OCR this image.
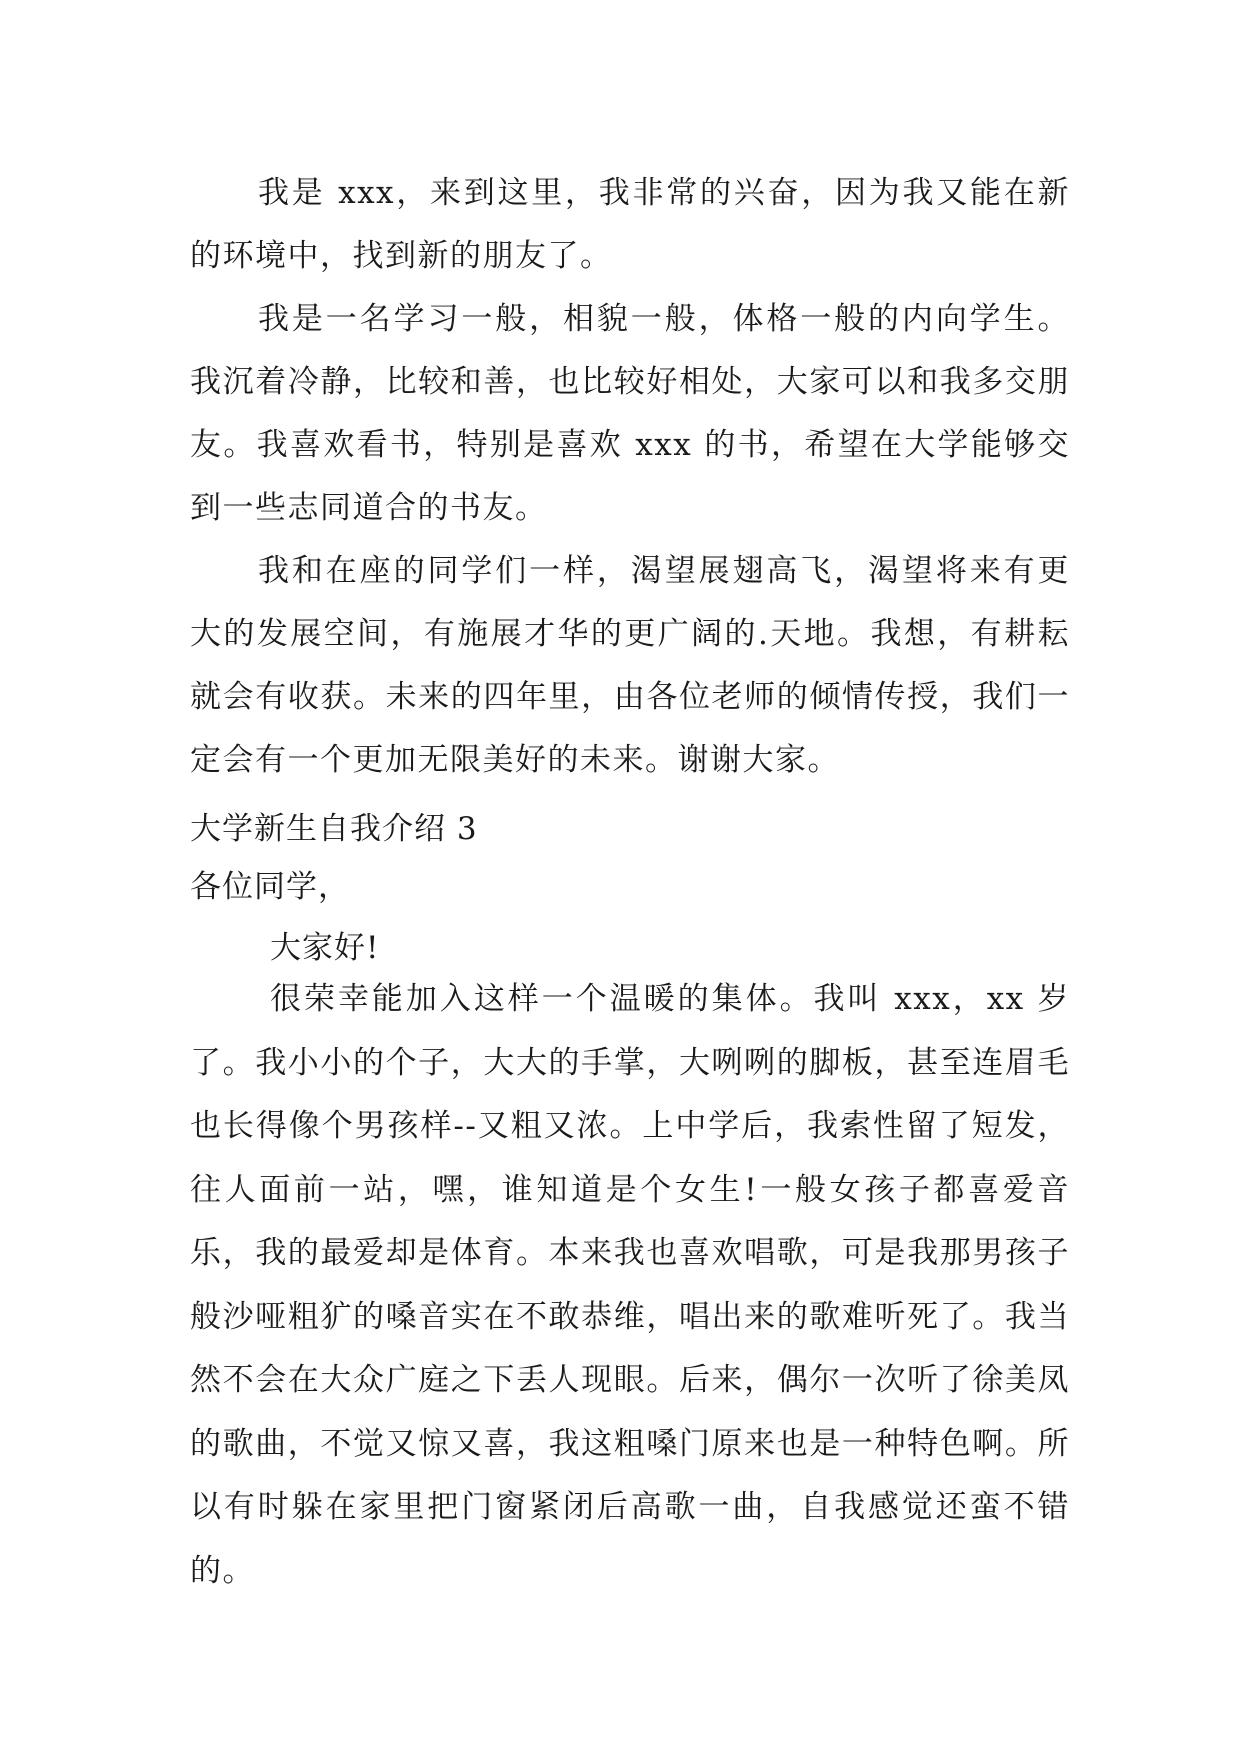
我是 xxx，来到这里，我非常的兴奋，因为我又能在新的环境中，找到新的朋友了。

我是一名学习一般，相貌一般，体格一般的内向学生。我沉着冷静，比较和善，也比较好相处，大家可以和我多交朋友。我喜欢看书，特别是喜欢 xxx 的书，希望在大学能够交到一些志同道合的书友。

我和在座的同学们一样，渴望展翅高飞，渴望将来有更大的发展空间，有施展才华的更广阔的.天地。我想，有耕耘就会有收获。未来的四年里，由各位老师的倾情传授，我们一定会有一个更加无限美好的未来。谢谢大家。

大学新生自我介绍 3

各位同学，

大家好!

很荣幸能加入这样一个温暖的集体。我叫 xxx，xx 岁了。我小小的个子，大大的手掌，大咧咧的脚板，甚至连眉毛也长得像个男孩样--又粗又浓。上中学后，我索性留了短发，往人面前一站，嘿，谁知道是个女生!一般女孩子都喜爱音乐，我的最爱却是体育。本来我也喜欢唱歌，可是我那男孩子般沙哑粗犷的嗓音实在不敢恭维，唱出来的歌难听死了。我当然不会在大众广庭之下丢人现眼。后来，偶尔一次听了徐美凤的歌曲，不觉又惊又喜，我这粗嗓门原来也是一种特色啊。所以有时躲在家里把门窗紧闭后高歌一曲，自我感觉还蛮不错的。
